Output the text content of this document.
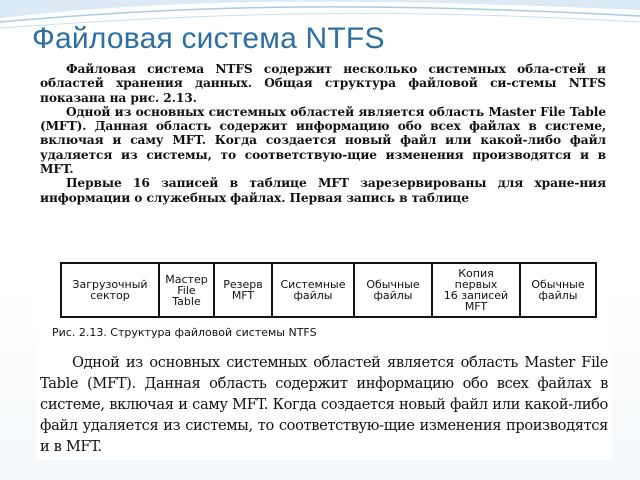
Файловая система NTFS

Файловая система NTFS содержит несколько системных обла-стей и областей хранения данных. Общая структура файловой си-стемы NTFS показана на рис. 2.13.

Одной из основных системных областей является область Master File Table (MFT). Данная область содержит информацию обо всех файлах в системе, включая и саму MFT. Когда создается новый файл или какой-либо файл удаляется из системы, то соответствую-щие изменения производятся и в MFT.

Первые 16 записей в таблице MFT зарезервированы для хране-ния информации о служебных файлах. Первая запись в таблице

Загрузочный
сектор
Мастер
File
Table
Резерв
MFT
Системные
файлы
Обычные
файлы
Копия
первых
16 записей
MFT
Обычные
файлы
Рис. 2.13. Структура файловой системы NTFS

Одной из основных системных областей является область Master File Table (MFT). Данная область содержит информацию обо всех файлах в системе, включая и саму MFT. Когда создается новый файл или какой-либо файл удаляется из системы, то соответствую-щие изменения производятся и в MFT.
